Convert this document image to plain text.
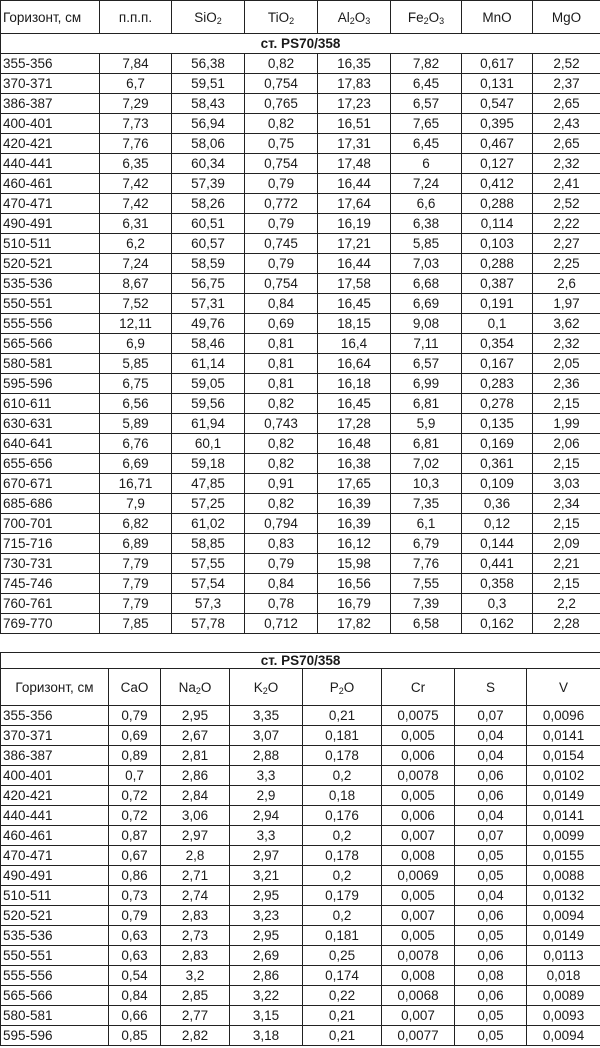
Горизонт, см	п.п.п.	SiO$_2$	TiO$_2$	$Al_2O_3$	$Fe_2O_3$	MnO	MgO
ст. PS70/358							
355-356	7,84	56,38	0,82	16,35	7,82	0,617	2,52
370-371	6,7	59,51	0,754	17,83	6,45	0,131	2,37
386-387	7,29	58,43	0,765	17,23	6,57	0,547	2,65
400-401	7,73	56,94	0,82	16,51	7,65	0,395	2,43
420-421	7,76	58,06	0,75	17,31	6,45	0,467	2,65
440-441	6,35	60,34	0,754	17,48	6	0,127	2,32
460-461	7,42	57,39	0,79	16,44	7,24	0,412	2,41
470-471	7,42	58,26	0,772	17,64	6,6	0,288	2,52
490-491	6,31	60,51	0,79	16,19	6,38	0,114	2,22
510-511	6,2	60,57	0,745	17,21	5,85	0,103	2,27
520-521	7,24	58,59	0,79	16,44	7,03	0,288	2,25
535-536	8,67	56,75	0,754	17,58	6,68	0,387	2,6
550-551	7,52	57,31	0,84	16,45	6,69	0,191	1,97
555-556	12,11	49,76	0,69	18,15	9,08	0,1	3,62
565-566	6,9	58,46	0,81	16,4	7,11	0,354	2,32
580-581	5,85	61,14	0,81	16,64	6,57	0,167	2,05
595-596	6,75	59,05	0,81	16,18	6,99	0,283	2,36
610-611	6,56	59,56	0,82	16,45	6,81	0,278	2,15
630-631	5,89	61,94	0,743	17,28	5,9	0,135	1,99
640-641	6,76	60,1	0,82	16,48	6,81	0,169	2,06
655-656	6,69	59,18	0,82	16,38	7,02	0,361	2,15
670-671	16,71	47,85	0,91	17,65	10,3	0,109	3,03
685-686	7,9	57,25	0,82	16,39	7,35	0,36	2,34
700-701	6,82	61,02	0,794	16,39	6,1	0,12	2,15
715-716	6,89	58,85	0,83	16,12	6,79	0,144	2,09
730-731	7,79	57,55	0,79	15,98	7,76	0,441	2,21
745-746	7,79	57,54	0,84	16,56	7,55	0,358	2,15
760-761	7,79	57,3	0,78	16,79	7,39	0,3	2,2
769-770	7,85	57,78	0,712	17,82	6,58	0,162	2,28
ст. PS70/358							
Горизонт, см	CaO	$Na_2O$	$K_2O$	$P_2O$	Cr	S	V
355-356	0,79	2,95	3,35	0,21	0,0075	0,07	0,0096
370-371	0,69	2,67	3,07	0,181	0,005	0,04	0,0141
386-387	0,89	2,81	2,88	0,178	0,006	0,04	0,0154
400-401	0,7	2,86	3,3	0,2	0,0078	0,06	0,0102
420-421	0,72	2,84	2,9	0,18	0,005	0,06	0,0149
440-441	0,72	3,06	2,94	0,176	0,006	0,04	0,0141
460-461	0,87	2,97	3,3	0,2	0,007	0,07	0,0099
470-471	0,67	2,8	2,97	0,178	0,008	0,05	0,0155
490-491	0,86	2,71	3,21	0,2	0,0069	0,05	0,0088
510-511	0,73	2,74	2,95	0,179	0,005	0,04	0,0132
520-521	0,79	2,83	3,23	0,2	0,007	0,06	0,0094
535-536	0,63	2,73	2,95	0,181	0,005	0,05	0,0149
550-551	0,63	2,83	2,69	0,25	0,0078	0,06	0,0113
555-556	0,54	3,2	2,86	0,174	0,008	0,08	0,018
565-566	0,84	2,85	3,22	0,22	0,0068	0,06	0,0089
580-581	0,66	2,77	3,15	0,21	0,007	0,05	0,0093
595-596	0,85	2,82	3,18	0,21	0,0077	0,05	0,0094
